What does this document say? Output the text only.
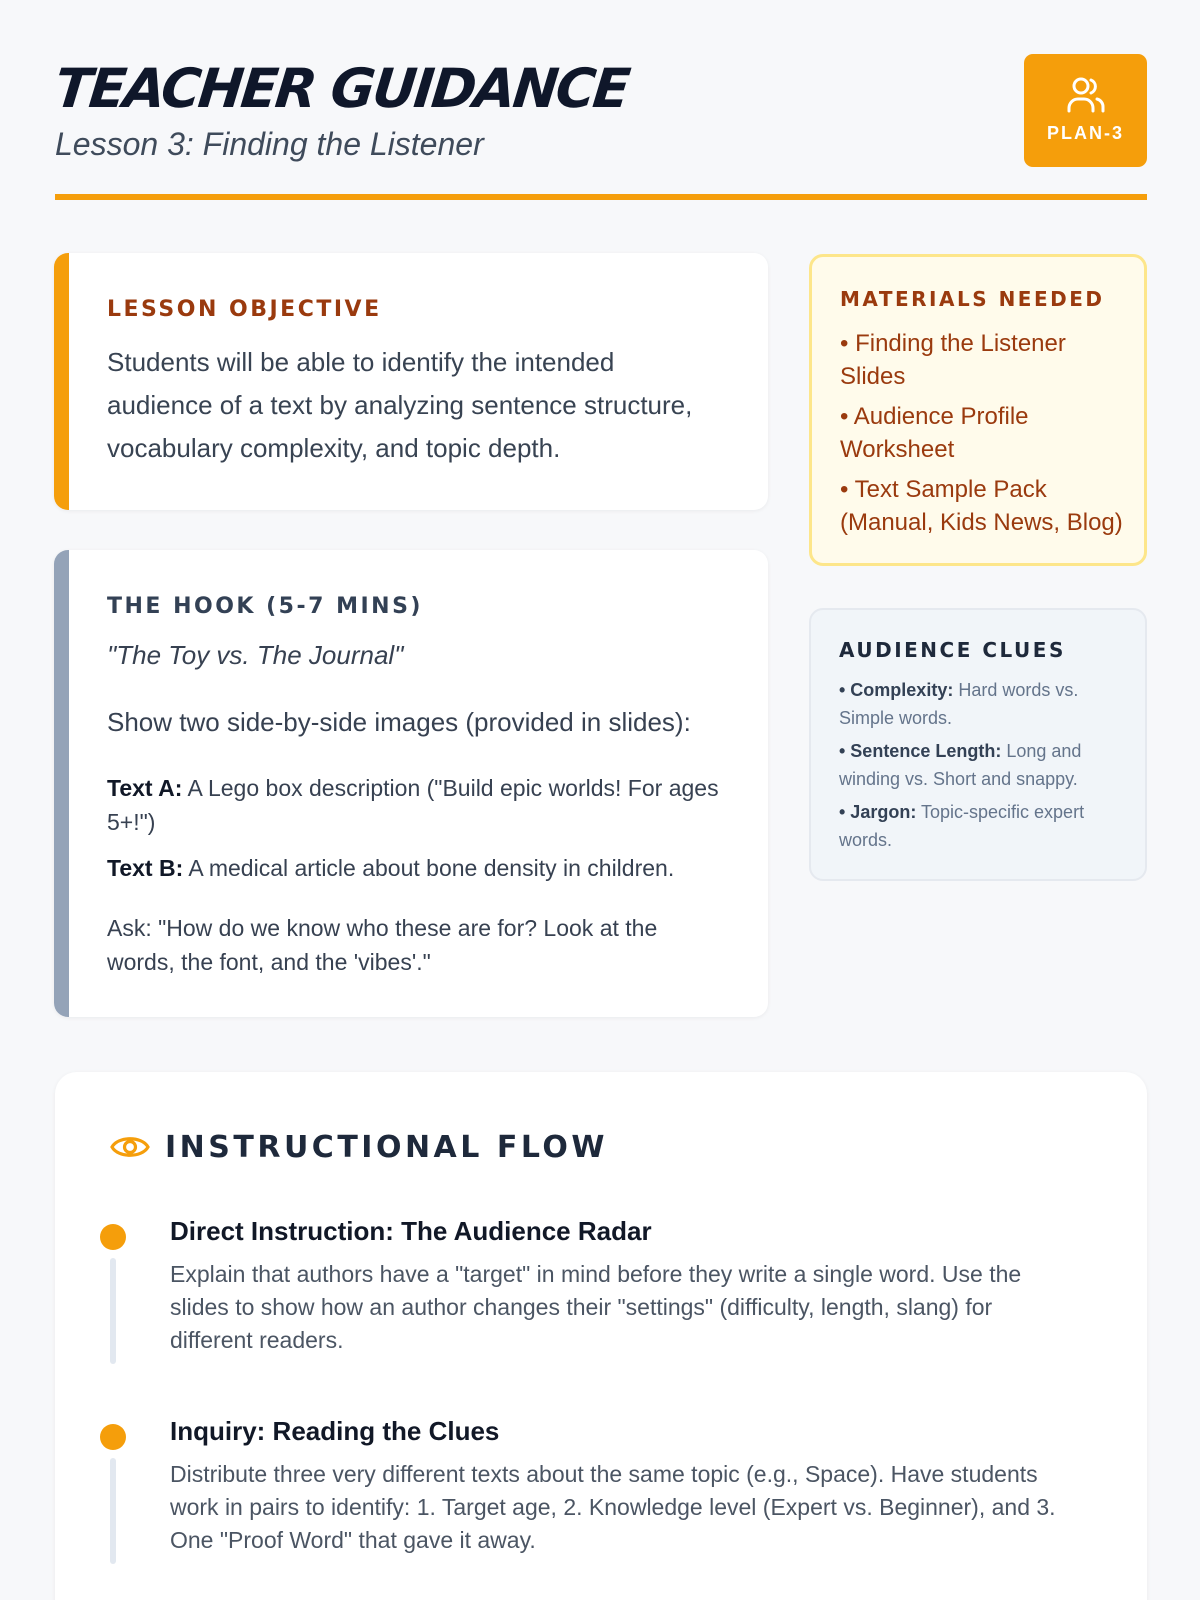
TEACHER GUIDANCE
Lesson 3: Finding the Listener	PLAN-3
LESSON OBJECTIVE

Students will be able to identify the intended audience of a text by analyzing sentence structure, vocabulary complexity, and topic depth.

THE HOOK (5-7 MINS)
"The Toy vs. The Journal"
Show two side-by-side images (provided in slides):
Text A: A Lego box description ("Build epic worlds! For ages 5+!")
Text B: A medical article about bone density in children.
Ask: "How do we know who these are for? Look at the words, the font, and the 'vibes'."
MATERIALS NEEDED
• Finding the Listener Slides
• Audience Profile Worksheet
• Text Sample Pack (Manual, Kids News, Blog)
AUDIENCE CLUES
• Complexity: Hard words vs. Simple words.
• Sentence Length: Long and winding vs. Short and snappy.
• Jargon: Topic-specific expert words.
INSTRUCTIONAL FLOW
Direct Instruction: The Audience Radar
Explain that authors have a "target" in mind before they write a single word. Use the slides to show how an author changes their "settings" (difficulty, length, slang) for different readers.
Inquiry: Reading the Clues
Distribute three very different texts about the same topic (e.g., Space). Have students work in pairs to identify: 1. Target age, 2. Knowledge level (Expert vs. Beginner), and 3. One "Proof Word" that gave it away.
